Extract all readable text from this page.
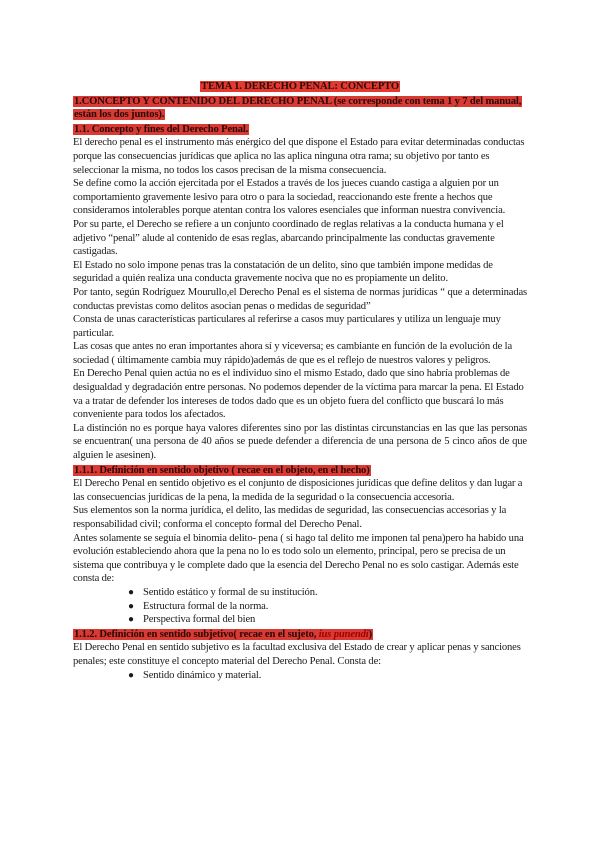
TEMA 1. DERECHO PENAL: CONCEPTO

1.CONCEPTO Y CONTENIDO DEL DERECHO PENAL (se corresponde con tema 1 y 7 del manual, están los dos juntos).

1.1. Concepto y fines del Derecho Penal.

El derecho penal es el instrumento más enérgico del que dispone el Estado para evitar determinadas conductas porque las consecuencias jurídicas que aplica no las aplica ninguna otra rama; su objetivo por tanto es seleccionar la misma, no todos los casos precisan de la misma consecuencia.

Se define como la acción ejercitada por el Estados a través de los jueces cuando castiga a alguien por un comportamiento gravemente lesivo para otro o para la sociedad, reaccionando este frente a hechos que consideramos intolerables porque atentan contra los valores esenciales que informan nuestra convivencia.

Por su parte, el Derecho se refiere a un conjunto coordinado de reglas relativas a la conducta humana y el adjetivo “penal” alude al contenido de esas reglas, abarcando principalmente las conductas gravemente castigadas.

El Estado no solo impone penas tras la constatación de un delito, sino que también impone medidas de seguridad a quién realiza una conducta gravemente nociva que no es propiamente un delito.

Por tanto, según Rodríguez Mourullo,el Derecho Penal es el sistema de normas jurídicas “ que a determinadas conductas previstas como delitos asocian penas o medidas de seguridad”

Consta de unas características particulares al referirse a casos muy particulares y utiliza un lenguaje muy particular.

Las cosas que antes no eran importantes ahora sí y viceversa; es cambiante en función de la evolución de la sociedad ( últimamente cambia muy rápido)además de que es el reflejo de nuestros valores y peligros.

En Derecho Penal quien actúa no es el individuo sino el mismo Estado, dado que sino habría problemas de desigualdad y degradación entre personas. No podemos depender de la víctima para marcar la pena. El Estado va a tratar de defender los intereses de todos dado que es un objeto fuera del conflicto que buscará lo más conveniente para todos los afectados.

La distinción no es porque haya valores diferentes sino por las distintas circunstancias en las que las personas se encuentran( una persona de 40 años se puede defender a diferencia de una persona de 5 cinco años de que alguien le asesinen).

1.1.1. Definición en sentido objetivo ( recae en el objeto, en el hecho)

El Derecho Penal en sentido objetivo es el conjunto de disposiciones jurídicas que define delitos y dan lugar a las consecuencias jurídicas de la pena, la medida de la seguridad o la consecuencia accesoria.

Sus elementos son la norma jurídica, el delito, las medidas de seguridad, las consecuencias accesorias y la responsabilidad civil; conforma el concepto formal del Derecho Penal.

Antes solamente se seguía el binomia delito- pena ( si hago tal delito me imponen tal pena)pero ha habido una evolución estableciendo ahora que la pena no lo es todo solo un elemento, principal, pero se precisa de un sistema que contribuya y le complete dado que la esencia del Derecho Penal no es solo castigar. Además este consta de:

● Sentido estático y formal de su institución.
● Estructura formal de la norma.
● Perspectiva formal del bien

1.1.2. Definición en sentido subjetivo( recae en el sujeto, ius punendi)

El Derecho Penal en sentido subjetivo es la facultad exclusiva del Estado de crear y aplicar penas y sanciones penales; este constituye el concepto material del Derecho Penal. Consta de:

● Sentido dinámico y material.
